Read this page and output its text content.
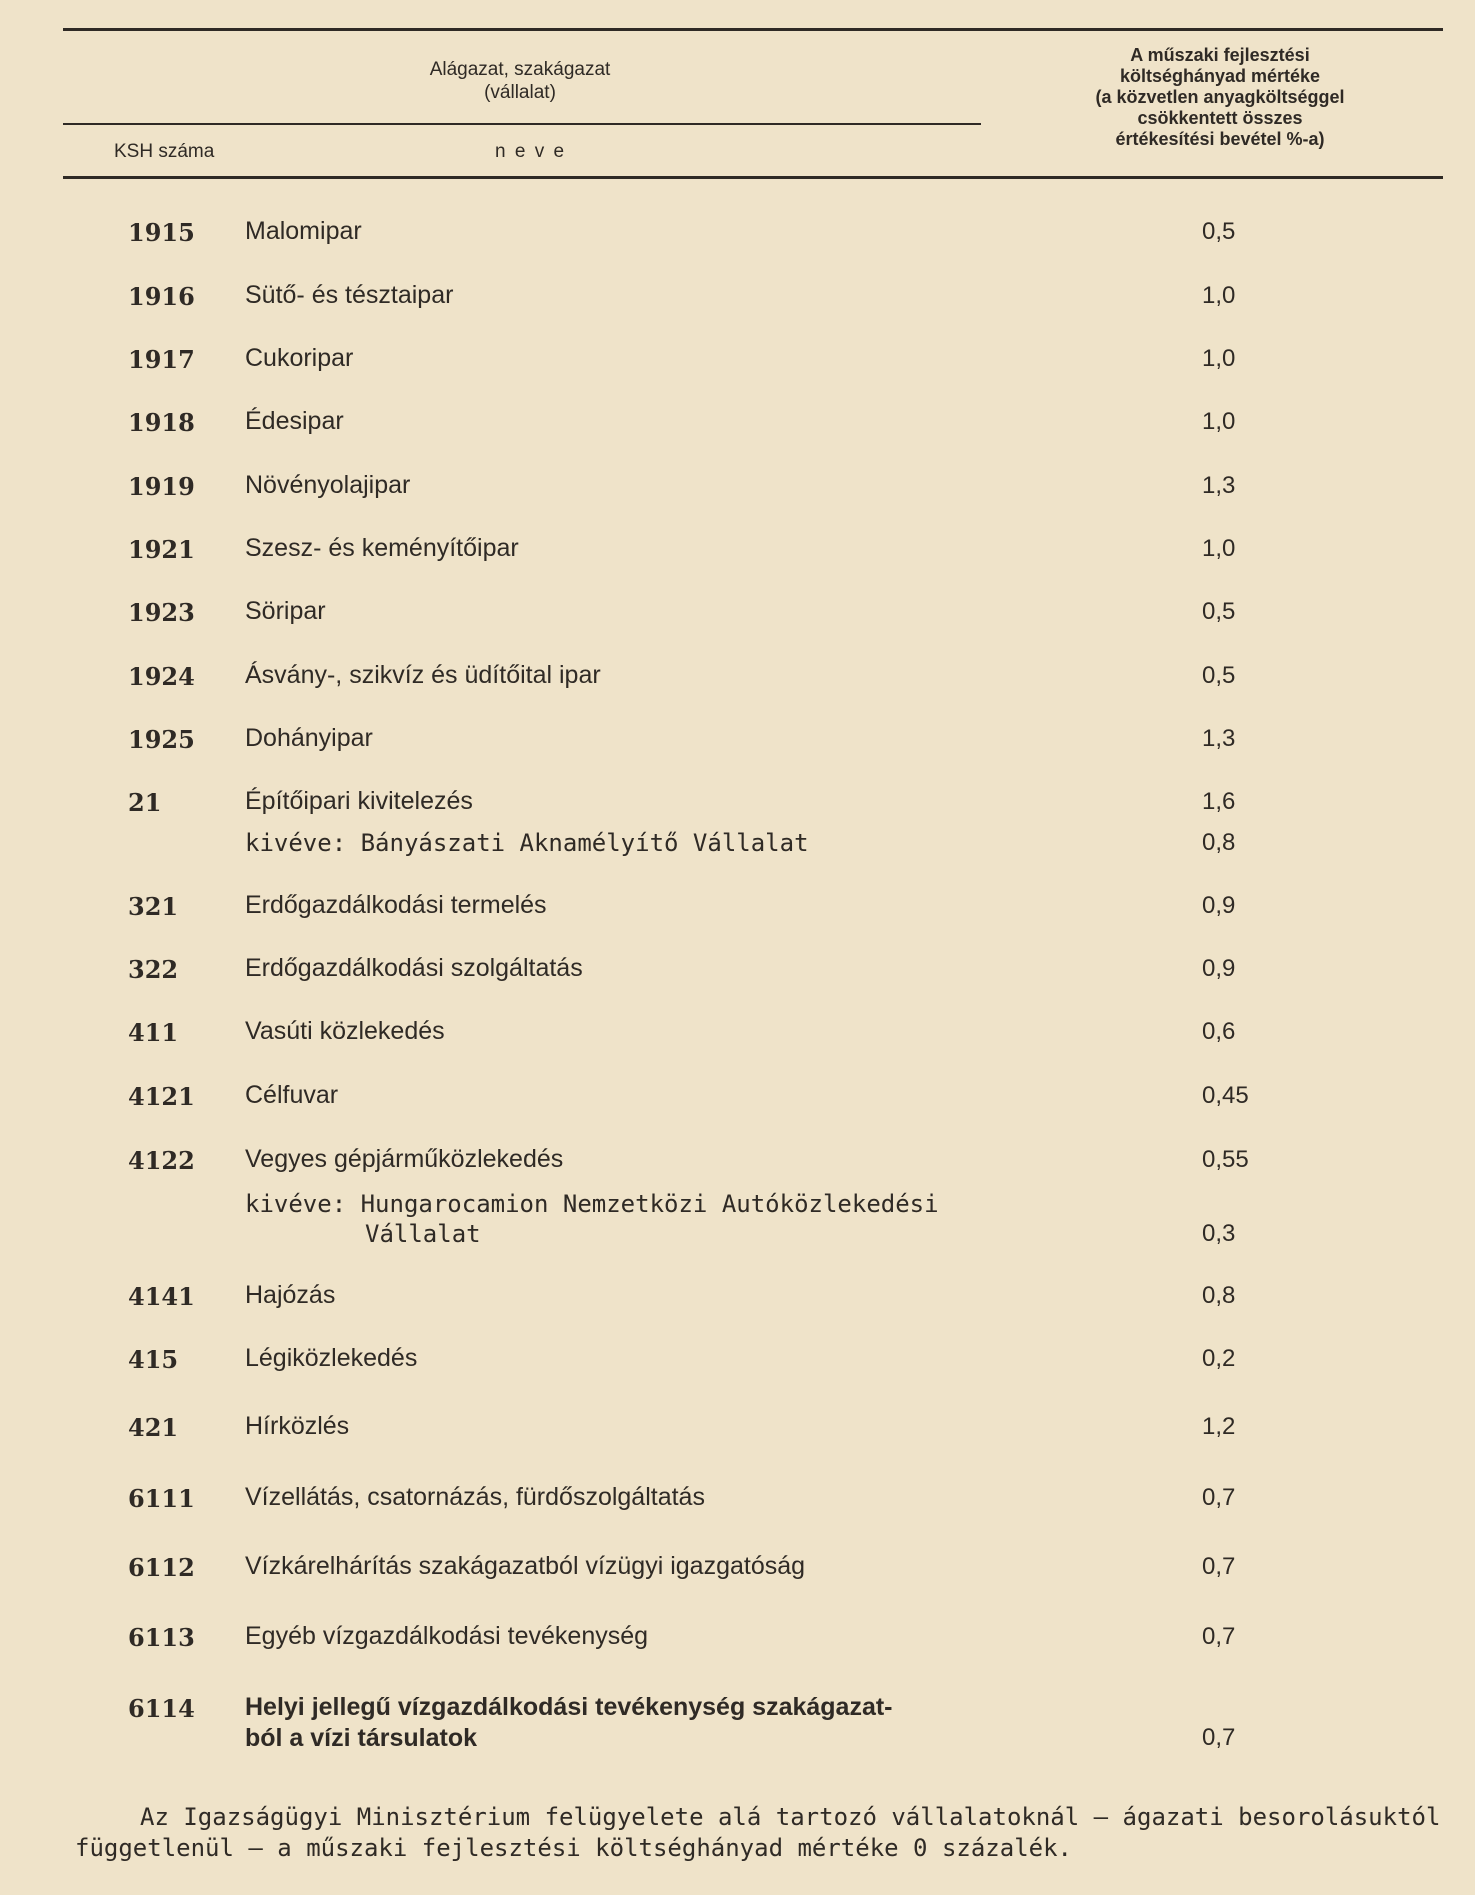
Alágazat, szakágazat
(vállalat)
KSH száma	n e v e
A műszaki fejlesztési
költséghányad mértéke
(a közvetlen anyagköltséggel
csökkentett összes
értékesítési bevétel %-a)
1915 Malomipar	0,5
1916 Sütő- és tésztaipar	1,0
1917 Cukoripar	1,0
1918 Édesipar	1,0
1919 Növényolajipar	1,3
1921 Szesz- és keményítőipar	1,0
1923 Söripar	0,5
1924 Ásvány-, szikvíz és üdítőital ipar	0,5
1925 Dohányipar	1,3
21	Építőipari kivitelezés	1,6
kivéve: Bányászati Aknamélyítő Vállalat	0,8
321	Erdőgazdálkodási termelés	0,9
322	Erdőgazdálkodási szolgáltatás	0,9
411	Vasúti közlekedés	0,6
4121 Célfuvar	0,45
4122 Vegyes gépjárműközlekedés	0,55
kivéve: Hungarocamion Nemzetközi Autóközlekedési
Vállalat	0,3
4141 Hajózás	0,8
415	Légiközlekedés	0,2
421	Hírközlés	1,2
6111 Vízellátás, csatornázás, fürdőszolgáltatás	0,7
6112 Vízkárelhárítás szakágazatból vízügyi igazgatóság	0,7
6113 Egyéb vízgazdálkodási tevékenység	0,7
6114 Helyi jellegű vízgazdálkodási tevékenység szakágazat-
ból a vízi társulatok	0,7
Az Igazságügyi Minisztérium felügyelete alá tartozó vállalatoknál — ágazati besorolásuktól függetlenül — a műszaki fejlesztési költséghányad mértéke 0 százalék.
